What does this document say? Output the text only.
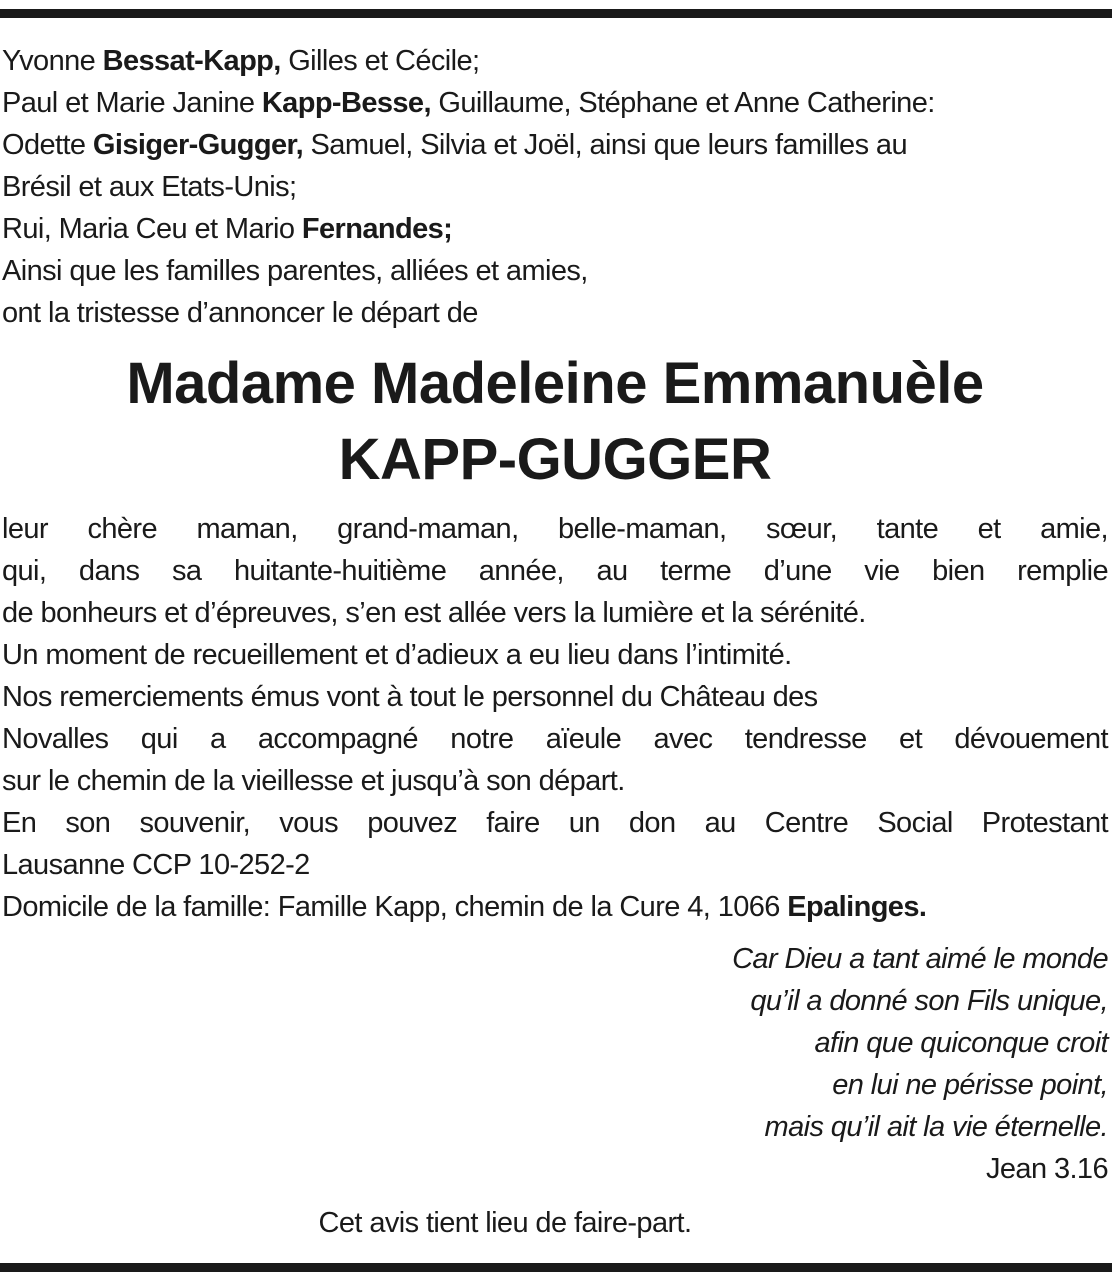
Yvonne Bessat-Kapp, Gilles et Cécile;
Paul et Marie Janine Kapp-Besse, Guillaume, Stéphane et Anne Catherine:
Odette Gisiger-Gugger, Samuel, Silvia et Joël, ainsi que leurs familles au
Brésil et aux Etats-Unis;
Rui, Maria Ceu et Mario Fernandes;
Ainsi que les familles parentes, alliées et amies,
ont la tristesse d’annoncer le départ de
Madame Madeleine Emmanuèle
KAPP-GUGGER
leur chère maman, grand-maman, belle-maman, sœur, tante et amie,
qui, dans sa huitante-huitième année, au terme d’une vie bien remplie
de bonheurs et d’épreuves, s’en est allée vers la lumière et la sérénité.
Un moment de recueillement et d’adieux a eu lieu dans l’intimité.
Nos remerciements émus vont à tout le personnel du Château des
Novalles qui a accompagné notre aïeule avec tendresse et dévouement
sur le chemin de la vieillesse et jusqu’à son départ.
En son souvenir, vous pouvez faire un don au Centre Social Protestant
Lausanne CCP 10-252-2
Domicile de la famille: Famille Kapp, chemin de la Cure 4, 1066 Epalinges.
Car Dieu a tant aimé le monde
qu’il a donné son Fils unique,
afin que quiconque croit
en lui ne périsse point,
mais qu’il ait la vie éternelle.
Jean 3.16
Cet avis tient lieu de faire-part.
